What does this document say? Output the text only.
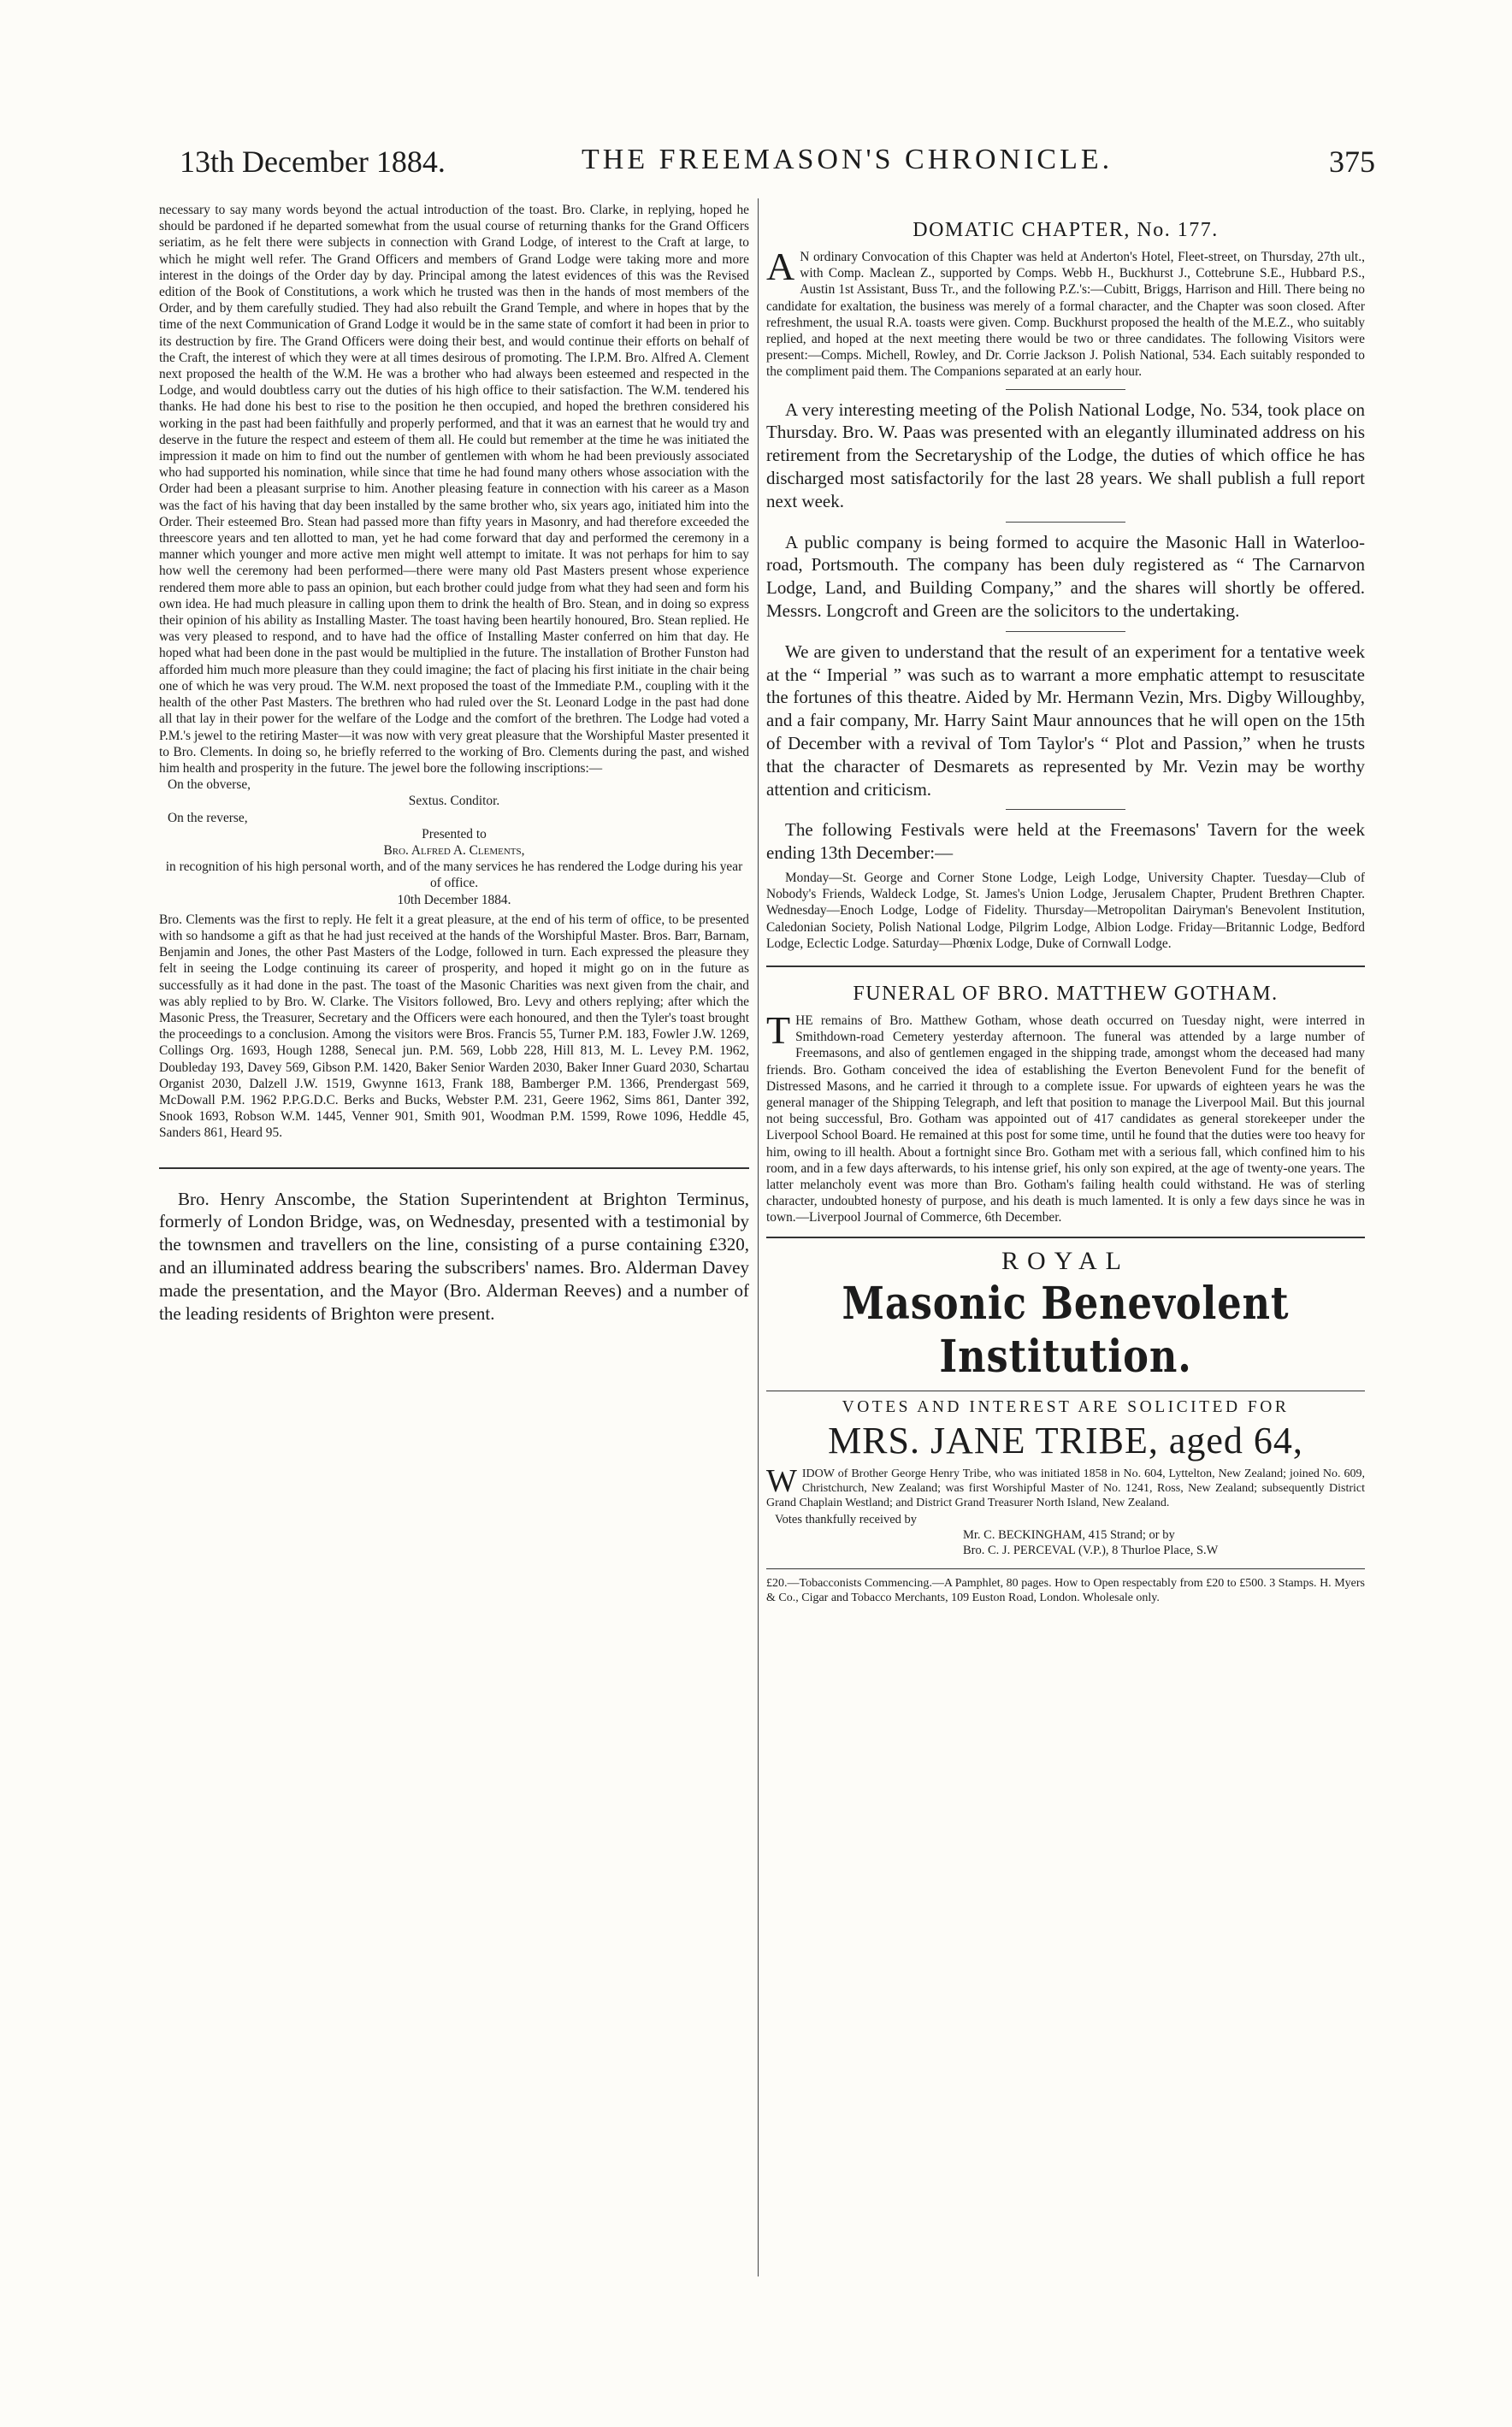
13th December 1884.	THE FREEMASON'S CHRONICLE.	375

necessary to say many words beyond the actual introduction of the toast. Bro. Clarke, in replying, hoped he should be pardoned if he departed somewhat from the usual course of returning thanks for the Grand Officers seriatim, as he felt there were subjects in connection with Grand Lodge, of interest to the Craft at large, to which he might well refer. The Grand Officers and members of Grand Lodge were taking more and more interest in the doings of the Order day by day. Principal among the latest evidences of this was the Revised edition of the Book of Constitutions, a work which he trusted was then in the hands of most members of the Order, and by them carefully studied. They had also rebuilt the Grand Temple, and where in hopes that by the time of the next Communication of Grand Lodge it would be in the same state of comfort it had been in prior to its destruction by fire. The Grand Officers were doing their best, and would continue their efforts on behalf of the Craft, the interest of which they were at all times desirous of promoting. The I.P.M. Bro. Alfred A. Clement next proposed the health of the W.M. He was a brother who had always been esteemed and respected in the Lodge, and would doubtless carry out the duties of his high office to their satisfaction. The W.M. tendered his thanks. He had done his best to rise to the position he then occupied, and hoped the brethren considered his working in the past had been faithfully and properly performed, and that it was an earnest that he would try and deserve in the future the respect and esteem of them all. He could but remember at the time he was initiated the impression it made on him to find out the number of gentlemen with whom he had been previously associated who had supported his nomination, while since that time he had found many others whose association with the Order had been a pleasant surprise to him. Another pleasing feature in connection with his career as a Mason was the fact of his having that day been installed by the same brother who, six years ago, initiated him into the Order. Their esteemed Bro. Stean had passed more than fifty years in Masonry, and had therefore exceeded the threescore years and ten allotted to man, yet he had come forward that day and performed the ceremony in a manner which younger and more active men might well attempt to imitate. It was not perhaps for him to say how well the ceremony had been performed—there were many old Past Masters present whose experience rendered them more able to pass an opinion, but each brother could judge from what they had seen and form his own idea. He had much pleasure in calling upon them to drink the health of Bro. Stean, and in doing so express their opinion of his ability as Installing Master. The toast having been heartily honoured, Bro. Stean replied. He was very pleased to respond, and to have had the office of Installing Master conferred on him that day. He hoped what had been done in the past would be multiplied in the future. The installation of Brother Funston had afforded him much more pleasure than they could imagine; the fact of placing his first initiate in the chair being one of which he was very proud. The W.M. next proposed the toast of the Immediate P.M., coupling with it the health of the other Past Masters. The brethren who had ruled over the St. Leonard Lodge in the past had done all that lay in their power for the welfare of the Lodge and the comfort of the brethren. The Lodge had voted a P.M.'s jewel to the retiring Master—it was now with very great pleasure that the Worshipful Master presented it to Bro. Clements. In doing so, he briefly referred to the working of Bro. Clements during the past, and wished him health and prosperity in the future. The jewel bore the following inscriptions:—

On the obverse,
Sextus. Conditor.
On the reverse,
Presented to
Bro. Alfred A. Clements,
in recognition of his high personal worth, and of the many services he has rendered the Lodge during his year of office.
10th December 1884.

Bro. Clements was the first to reply. He felt it a great pleasure, at the end of his term of office, to be presented with so handsome a gift as that he had just received at the hands of the Worshipful Master. Bros. Barr, Barnam, Benjamin and Jones, the other Past Masters of the Lodge, followed in turn. Each expressed the pleasure they felt in seeing the Lodge continuing its career of prosperity, and hoped it might go on in the future as successfully as it had done in the past. The toast of the Masonic Charities was next given from the chair, and was ably replied to by Bro. W. Clarke. The Visitors followed, Bro. Levy and others replying; after which the Masonic Press, the Treasurer, Secretary and the Officers were each honoured, and then the Tyler's toast brought the proceedings to a conclusion. Among the visitors were Bros. Francis 55, Turner P.M. 183, Fowler J.W. 1269, Collings Org. 1693, Hough 1288, Senecal jun. P.M. 569, Lobb 228, Hill 813, M. L. Levey P.M. 1962, Doubleday 193, Davey 569, Gibson P.M. 1420, Baker Senior Warden 2030, Baker Inner Guard 2030, Schartau Organist 2030, Dalzell J.W. 1519, Gwynne 1613, Frank 188, Bamberger P.M. 1366, Prendergast 569, McDowall P.M. 1962 P.P.G.D.C. Berks and Bucks, Webster P.M. 231, Geere 1962, Sims 861, Danter 392, Snook 1693, Robson W.M. 1445, Venner 901, Smith 901, Woodman P.M. 1599, Rowe 1096, Heddle 45, Sanders 861, Heard 95.

Bro. Henry Anscombe, the Station Superintendent at Brighton Terminus, formerly of London Bridge, was, on Wednesday, presented with a testimonial by the townsmen and travellers on the line, consisting of a purse containing £320, and an illuminated address bearing the subscribers' names. Bro. Alderman Davey made the presentation, and the Mayor (Bro. Alderman Reeves) and a number of the leading residents of Brighton were present.

DOMATIC CHAPTER, No. 177.

A N ordinary Convocation of this Chapter was held at Anderton's Hotel, Fleet-street, on Thursday, 27th ult., with Comp. Maclean Z., supported by Comps. Webb H., Buckhurst J., Cottebrune S.E., Hubbard P.S., Austin 1st Assistant, Buss Tr., and the following P.Z.'s:—Cubitt, Briggs, Harrison and Hill. There being no candidate for exaltation, the business was merely of a formal character, and the Chapter was soon closed. After refreshment, the usual R.A. toasts were given. Comp. Buckhurst proposed the health of the M.E.Z., who suitably replied, and hoped at the next meeting there would be two or three candidates. The following Visitors were present:—Comps. Michell, Rowley, and Dr. Corrie Jackson J. Polish National, 534. Each suitably responded to the compliment paid them. The Companions separated at an early hour.

A very interesting meeting of the Polish National Lodge, No. 534, took place on Thursday. Bro. W. Paas was presented with an elegantly illuminated address on his retirement from the Secretaryship of the Lodge, the duties of which office he has discharged most satisfactorily for the last 28 years. We shall publish a full report next week.

A public company is being formed to acquire the Masonic Hall in Waterloo-road, Portsmouth. The company has been duly registered as “ The Carnarvon Lodge, Land, and Building Company,” and the shares will shortly be offered. Messrs. Longcroft and Green are the solicitors to the undertaking.

We are given to understand that the result of an experiment for a tentative week at the “ Imperial ” was such as to warrant a more emphatic attempt to resuscitate the fortunes of this theatre. Aided by Mr. Hermann Vezin, Mrs. Digby Willoughby, and a fair company, Mr. Harry Saint Maur announces that he will open on the 15th of December with a revival of Tom Taylor's “ Plot and Passion,” when he trusts that the character of Desmarets as represented by Mr. Vezin may be worthy attention and criticism.

The following Festivals were held at the Freemasons' Tavern for the week ending 13th December:—

Monday—St. George and Corner Stone Lodge, Leigh Lodge, University Chapter. Tuesday—Club of Nobody's Friends, Waldeck Lodge, St. James's Union Lodge, Jerusalem Chapter, Prudent Brethren Chapter. Wednesday—Enoch Lodge, Lodge of Fidelity. Thursday—Metropolitan Dairyman's Benevolent Institution, Caledonian Society, Polish National Lodge, Pilgrim Lodge, Albion Lodge. Friday—Britannic Lodge, Bedford Lodge, Eclectic Lodge. Saturday—Phœnix Lodge, Duke of Cornwall Lodge.

FUNERAL OF BRO. MATTHEW GOTHAM.

THE remains of Bro. Matthew Gotham, whose death occurred on Tuesday night, were interred in Smithdown-road Cemetery yesterday afternoon. The funeral was attended by a large number of Freemasons, and also of gentlemen engaged in the shipping trade, amongst whom the deceased had many friends. Bro. Gotham conceived the idea of establishing the Everton Benevolent Fund for the benefit of Distressed Masons, and he carried it through to a complete issue. For upwards of eighteen years he was the general manager of the Shipping Telegraph, and left that position to manage the Liverpool Mail. But this journal not being successful, Bro. Gotham was appointed out of 417 candidates as general storekeeper under the Liverpool School Board. He remained at this post for some time, until he found that the duties were too heavy for him, owing to ill health. About a fortnight since Bro. Gotham met with a serious fall, which confined him to his room, and in a few days afterwards, to his intense grief, his only son expired, at the age of twenty-one years. The latter melancholy event was more than Bro. Gotham's failing health could withstand. He was of sterling character, undoubted honesty of purpose, and his death is much lamented. It is only a few days since he was in town.—Liverpool Journal of Commerce, 6th December.

ROYAL
Masonic Benevolent Institution.
VOTES AND INTEREST ARE SOLICITED FOR
MRS. JANE TRIBE, aged 64,

WIDOW of Brother George Henry Tribe, who was initiated 1858 in No. 604, Lyttelton, New Zealand; joined No. 609, Christchurch, New Zealand; was first Worshipful Master of No. 1241, Ross, New Zealand; subsequently District Grand Chaplain Westland; and District Grand Treasurer North Island, New Zealand.

Votes thankfully received by
Mr. C. BECKINGHAM, 415 Strand; or by
Bro. C. J. PERCEVAL (V.P.), 8 Thurloe Place, S.W

£20.—Tobacconists Commencing.—A Pamphlet, 80 pages. How to Open respectably from £20 to £500. 3 Stamps. H. Myers & Co., Cigar and Tobacco Merchants, 109 Euston Road, London. Wholesale only.
